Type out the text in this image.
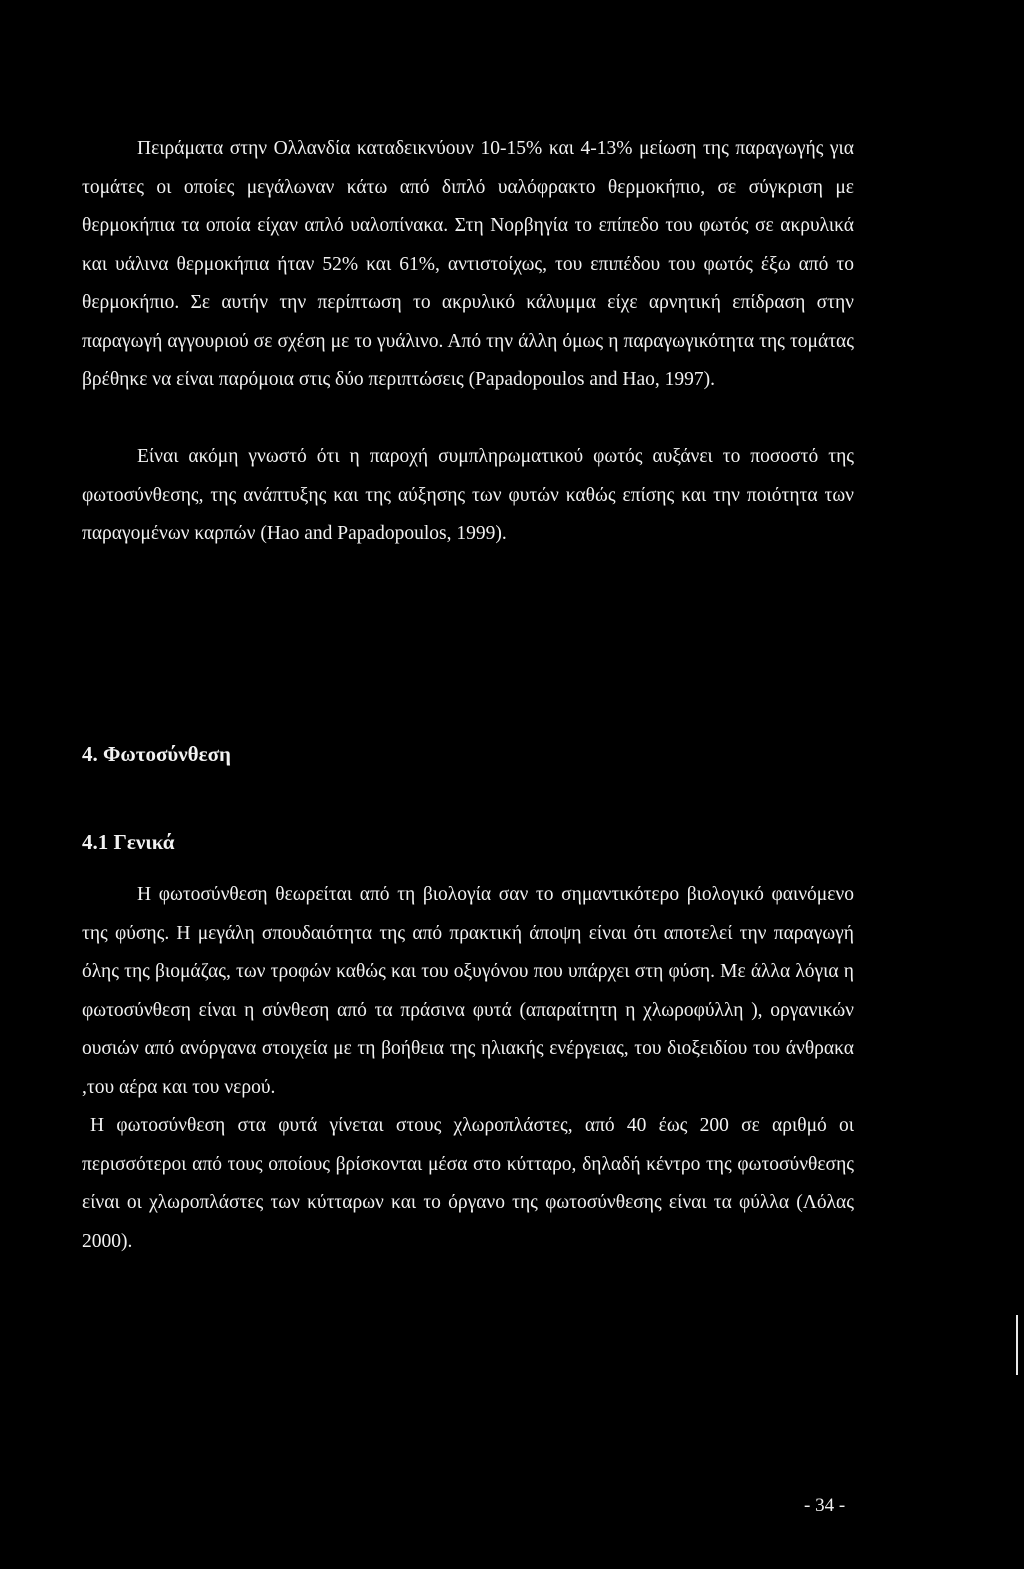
Πειράματα στην Ολλανδία καταδεικνύουν 10-15% και 4-13% μείωση της παραγωγής για τομάτες οι οποίες μεγάλωναν κάτω από διπλό υαλόφρακτο θερμοκήπιο, σε σύγκριση με θερμοκήπια τα οποία είχαν απλό υαλοπίνακα. Στη Νορβηγία το επίπεδο του φωτός σε ακρυλικά και υάλινα θερμοκήπια ήταν 52% και 61%, αντιστοίχως, του επιπέδου του φωτός έξω από το θερμοκήπιο. Σε αυτήν την περίπτωση το ακρυλικό κάλυμμα είχε αρνητική επίδραση στην παραγωγή αγγουριού σε σχέση με το γυάλινο. Από την άλλη όμως η παραγωγικότητα της τομάτας βρέθηκε να είναι παρόμοια στις δύο περιπτώσεις (Papadopoulos and Hao, 1997).

Είναι ακόμη γνωστό ότι η παροχή συμπληρωματικού φωτός αυξάνει το ποσοστό της φωτοσύνθεσης, της ανάπτυξης και της αύξησης των φυτών καθώς επίσης και την ποιότητα των παραγομένων καρπών (Hao and Papadopoulos, 1999).

4. Φωτοσύνθεση
4.1 Γενικά

Η φωτοσύνθεση θεωρείται από τη βιολογία σαν το σημαντικότερο βιολογικό φαινόμενο της φύσης. Η μεγάλη σπουδαιότητα της από πρακτική άποψη είναι ότι αποτελεί την παραγωγή όλης της βιομάζας, των τροφών καθώς και του οξυγόνου που υπάρχει στη φύση. Με άλλα λόγια η φωτοσύνθεση είναι η σύνθεση από τα πράσινα φυτά (απαραίτητη η χλωροφύλλη ), οργανικών ουσιών από ανόργανα στοιχεία με τη βοήθεια της ηλιακής ενέργειας, του διοξειδίου του άνθρακα ,του αέρα και του νερού.

Η φωτοσύνθεση στα φυτά γίνεται στους χλωροπλάστες, από 40 έως 200 σε αριθμό οι περισσότεροι από τους οποίους βρίσκονται μέσα στο κύτταρο, δηλαδή κέντρο της φωτοσύνθεσης είναι οι χλωροπλάστες των κύτταρων και το όργανο της φωτοσύνθεσης είναι τα φύλλα (Λόλας 2000).

- 34 -
